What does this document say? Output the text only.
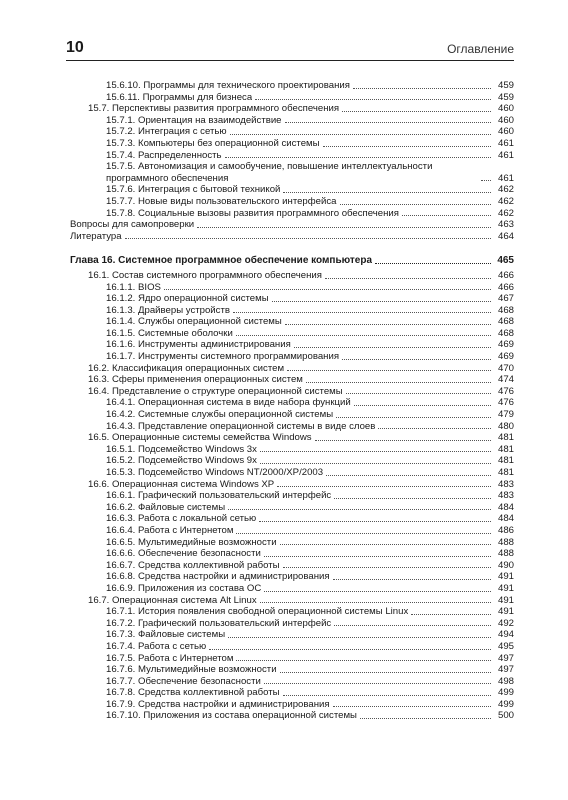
10	Оглавление
15.6.10. Программы для технического проектирования	459
15.6.11. Программы для бизнеса	459
15.7. Перспективы развития программного обеспечения	460
15.7.1. Ориентация на взаимодействие	460
15.7.2. Интеграция с сетью	460
15.7.3. Компьютеры без операционной системы	461
15.7.4. Распределенность	461
15.7.5. Автономизация и самообучение, повышение интеллектуальности программного обеспечения	461
15.7.6. Интеграция с бытовой техникой	462
15.7.7. Новые виды пользовательского интерфейса	462
15.7.8. Социальные вызовы развития программного обеспечения	462
Вопросы для самопроверки	463
Литература	464
Глава 16. Системное программное обеспечение компьютера	465
16.1. Состав системного программного обеспечения	466
16.1.1. BIOS	466
16.1.2. Ядро операционной системы	467
16.1.3. Драйверы устройств	468
16.1.4. Службы операционной системы	468
16.1.5. Системные оболочки	468
16.1.6. Инструменты администрирования	469
16.1.7. Инструменты системного программирования	469
16.2. Классификация операционных систем	470
16.3. Сферы применения операционных систем	474
16.4. Представление о структуре операционной системы	476
16.4.1. Операционная система в виде набора функций	476
16.4.2. Системные службы операционной системы	479
16.4.3. Представление операционной системы в виде слоев	480
16.5. Операционные системы семейства Windows	481
16.5.1. Подсемейство Windows 3x	481
16.5.2. Подсемейство Windows 9x	481
16.5.3. Подсемейство Windows NT/2000/XP/2003	481
16.6. Операционная система Windows XP	483
16.6.1. Графический пользовательский интерфейс	483
16.6.2. Файловые системы	484
16.6.3. Работа с локальной сетью	484
16.6.4. Работа с Интернетом	486
16.6.5. Мультимедийные возможности	488
16.6.6. Обеспечение безопасности	488
16.6.7. Средства коллективной работы	490
16.6.8. Средства настройки и администрирования	491
16.6.9. Приложения из состава ОС	491
16.7. Операционная система Alt Linux	491
16.7.1. История появления свободной операционной системы Linux	491
16.7.2. Графический пользовательский интерфейс	492
16.7.3. Файловые системы	494
16.7.4. Работа с сетью	495
16.7.5. Работа с Интернетом	497
16.7.6. Мультимедийные возможности	497
16.7.7. Обеспечение безопасности	498
16.7.8. Средства коллективной работы	499
16.7.9. Средства настройки и администрирования	499
16.7.10. Приложения из состава операционной системы	500
